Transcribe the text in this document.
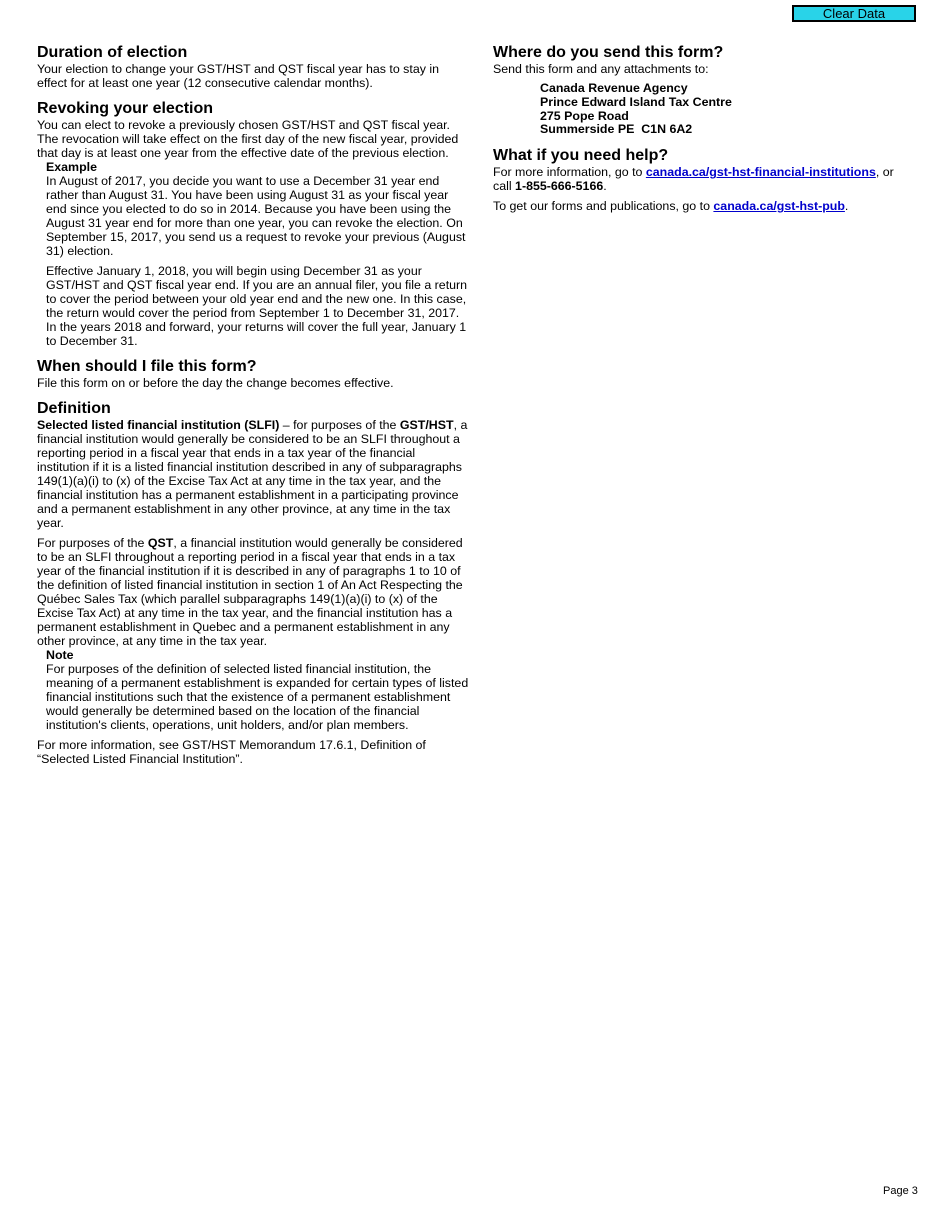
Clear Data
Duration of election

Your election to change your GST/HST and QST fiscal year has to stay in effect for at least one year (12 consecutive calendar months).

Revoking your election

You can elect to revoke a previously chosen GST/HST and QST fiscal year. The revocation will take effect on the first day of the new fiscal year, provided that day is at least one year from the effective date of the previous election.

Example

In August of 2017, you decide you want to use a December 31 year end rather than August 31. You have been using August 31 as your fiscal year end since you elected to do so in 2014. Because you have been using the August 31 year end for more than one year, you can revoke the election. On September 15, 2017, you send us a request to revoke your previous (August 31) election.

Effective January 1, 2018, you will begin using December 31 as your GST/HST and QST fiscal year end. If you are an annual filer, you file a return to cover the period between your old year end and the new one. In this case, the return would cover the period from September 1 to December 31, 2017. In the years 2018 and forward, your returns will cover the full year, January 1 to December 31.

When should I file this form?

File this form on or before the day the change becomes effective.

Definition

Selected listed financial institution (SLFI) – for purposes of the GST/HST, a financial institution would generally be considered to be an SLFI throughout a reporting period in a fiscal year that ends in a tax year of the financial institution if it is a listed financial institution described in any of subparagraphs 149(1)(a)(i) to (x) of the Excise Tax Act at any time in the tax year, and the financial institution has a permanent establishment in a participating province and a permanent establishment in any other province, at any time in the tax year.

For purposes of the QST, a financial institution would generally be considered to be an SLFI throughout a reporting period in a fiscal year that ends in a tax year of the financial institution if it is described in any of paragraphs 1 to 10 of the definition of listed financial institution in section 1 of An Act Respecting the Québec Sales Tax (which parallel subparagraphs 149(1)(a)(i) to (x) of the Excise Tax Act) at any time in the tax year, and the financial institution has a permanent establishment in Quebec and a permanent establishment in any other province, at any time in the tax year.

Note

For purposes of the definition of selected listed financial institution, the meaning of a permanent establishment is expanded for certain types of listed financial institutions such that the existence of a permanent establishment would generally be determined based on the location of the financial institution's clients, operations, unit holders, and/or plan members.

For more information, see GST/HST Memorandum 17.6.1, Definition of “Selected Listed Financial Institution”.

Where do you send this form?

Send this form and any attachments to:

Canada Revenue Agency
Prince Edward Island Tax Centre
275 Pope Road
Summerside PE  C1N 6A2
What if you need help?

For more information, go to canada.ca/gst-hst-financial-institutions, or call 1-855-666-5166.

To get our forms and publications, go to canada.ca/gst-hst-pub.

Page 3
